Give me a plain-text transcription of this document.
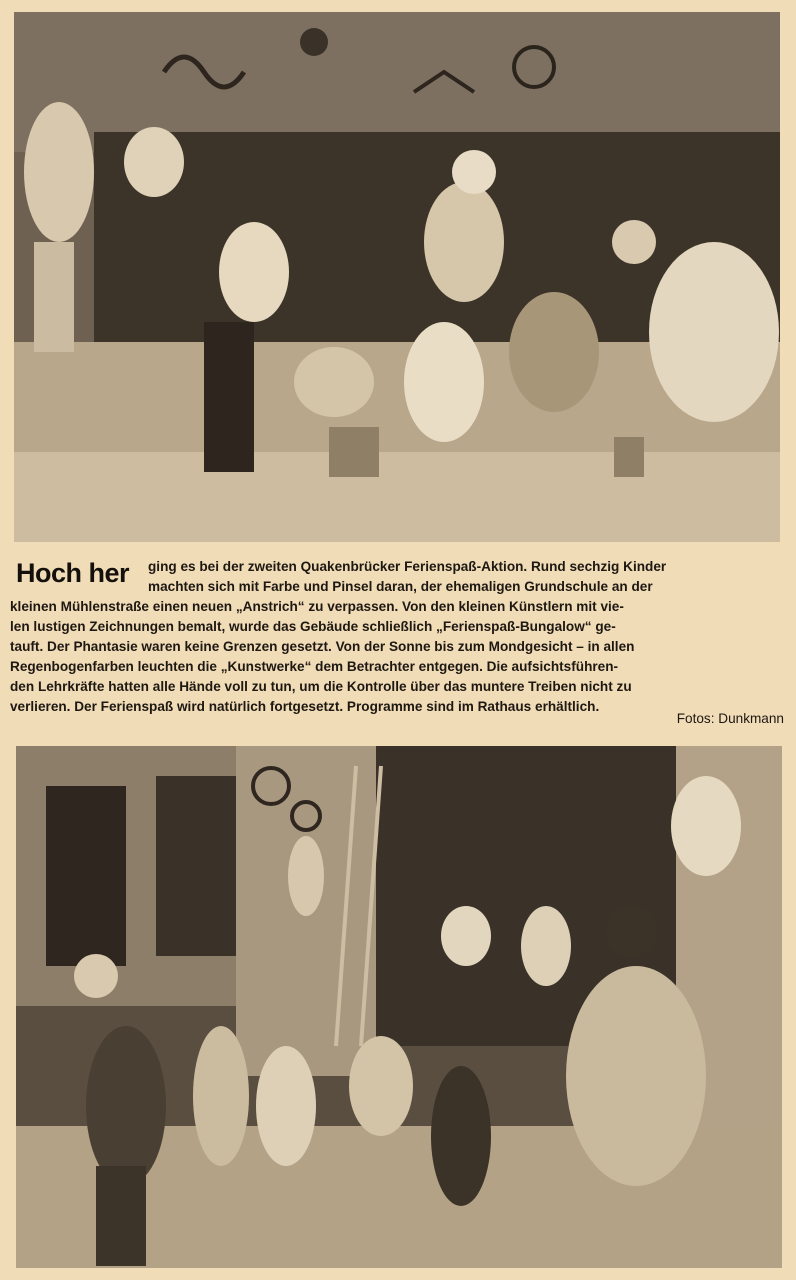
Hoch her ging es bei der zweiten Quakenbrücker Ferienspaß-Aktion. Rund sechzig Kinder
machten sich mit Farbe und Pinsel daran, der ehemaligen Grundschule an der
kleinen Mühlenstraße einen neuen „Anstrich“ zu verpassen. Von den kleinen Künstlern mit vie-
len lustigen Zeichnungen bemalt, wurde das Gebäude schließlich „Ferienspaß-Bungalow“ ge-
tauft. Der Phantasie waren keine Grenzen gesetzt. Von der Sonne bis zum Mondgesicht – in allen
Regenbogenfarben leuchten die „Kunstwerke“ dem Betrachter entgegen. Die aufsichtsführen-
den Lehrkräfte hatten alle Hände voll zu tun, um die Kontrolle über das muntere Treiben nicht zu
verlieren. Der Ferienspaß wird natürlich fortgesetzt. Programme sind im Rathaus erhältlich.
Fotos: Dunkmann
